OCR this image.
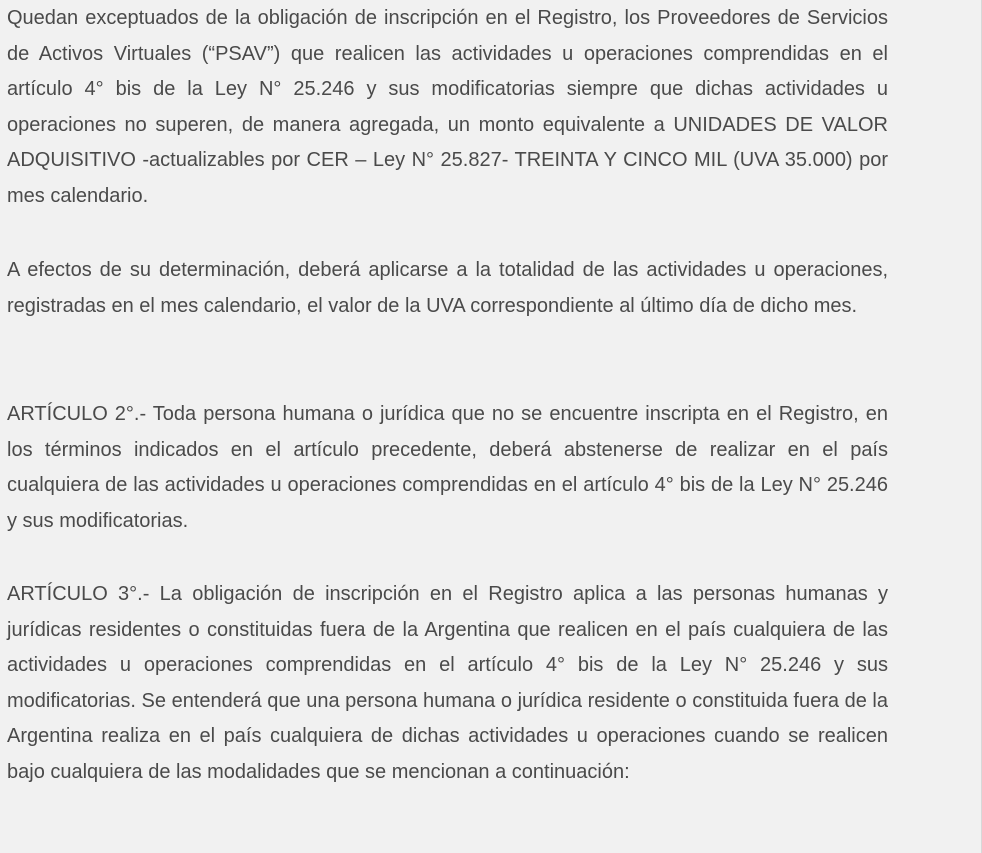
Quedan exceptuados de la obligación de inscripción en el Registro, los Proveedores de Servicios de Activos Virtuales (“PSAV”) que realicen las actividades u operaciones comprendidas en el artículo 4° bis de la Ley N° 25.246 y sus modificatorias siempre que dichas actividades u operaciones no superen, de manera agregada, un monto equivalente a UNIDADES DE VALOR ADQUISITIVO -actualizables por CER – Ley N° 25.827- TREINTA Y CINCO MIL (UVA 35.000) por mes calendario.

A efectos de su determinación, deberá aplicarse a la totalidad de las actividades u operaciones, registradas en el mes calendario, el valor de la UVA correspondiente al último día de dicho mes.

ARTÍCULO 2°.- Toda persona humana o jurídica que no se encuentre inscripta en el Registro, en los términos indicados en el artículo precedente, deberá abstenerse de realizar en el país cualquiera de las actividades u operaciones comprendidas en el artículo 4° bis de la Ley N° 25.246 y sus modificatorias.

ARTÍCULO 3°.- La obligación de inscripción en el Registro aplica a las personas humanas y jurídicas residentes o constituidas fuera de la Argentina que realicen en el país cualquiera de las actividades u operaciones comprendidas en el artículo 4° bis de la Ley N° 25.246 y sus modificatorias. Se entenderá que una persona humana o jurídica residente o constituida fuera de la Argentina realiza en el país cualquiera de dichas actividades u operaciones cuando se realicen bajo cualquiera de las modalidades que se mencionan a continuación:
